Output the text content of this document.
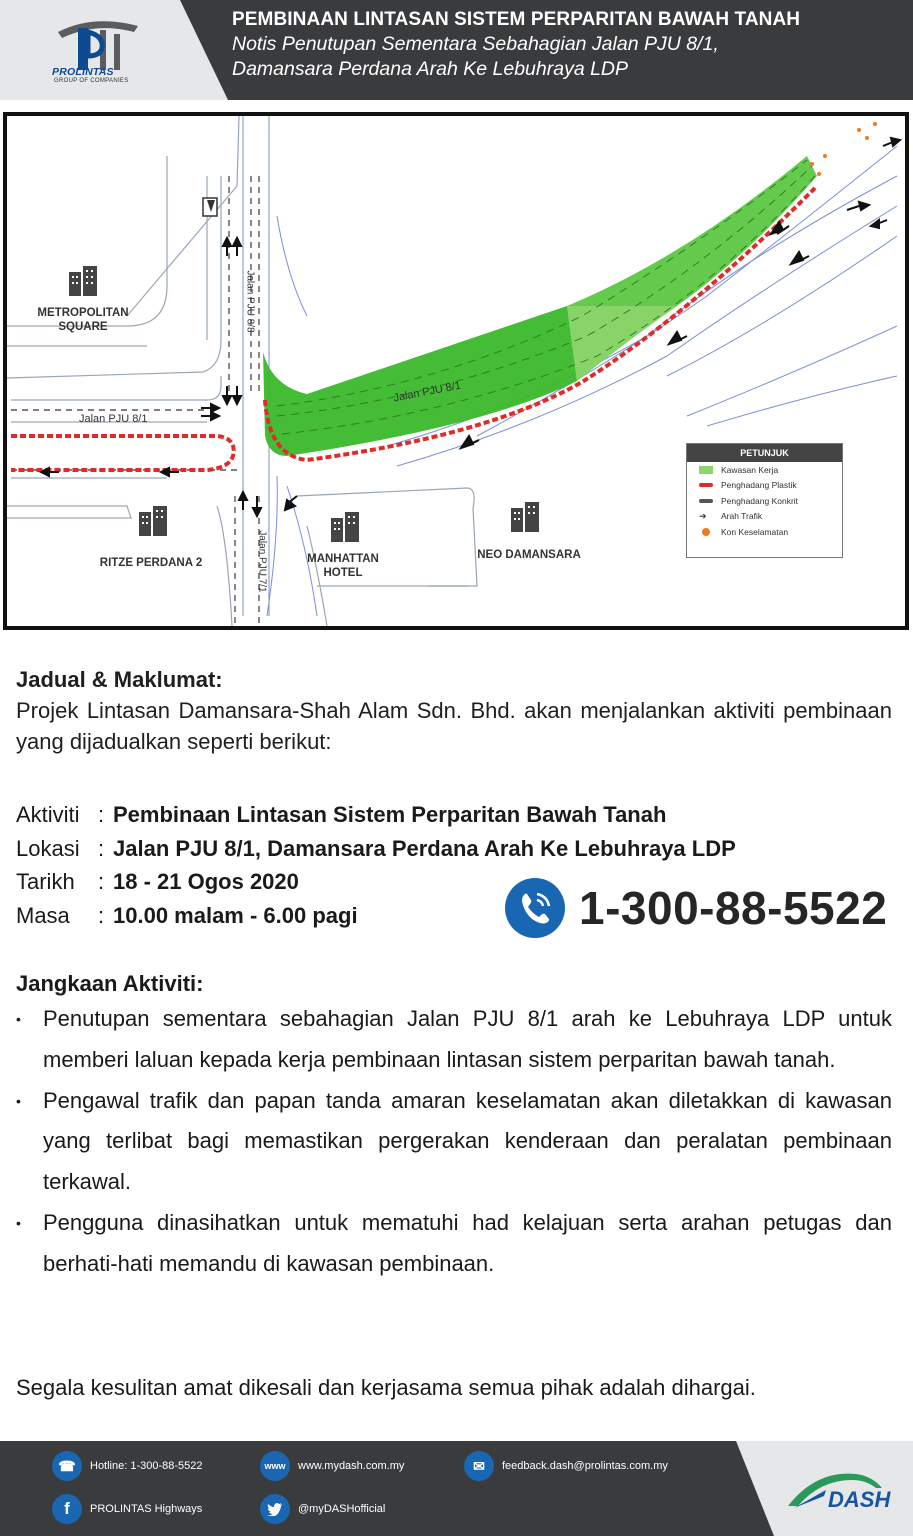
PROLINTAS
GROUP OF COMPANIES
PEMBINAAN LINTASAN SISTEM PERPARITAN BAWAH TANAH
Notis Penutupan Sementara Sebahagian Jalan PJU 8/1,
Damansara Perdana Arah Ke Lebuhraya LDP
METROPOLITAN
SQUARE
RITZE PERDANA 2	MANHATTAN
HOTEL
NEO DAMANSARA
Jalan PJU 8/1
Jalan PJU 8/1
Jalan PJU 8/8
Jalan PJU 7/1
PETUNJUK
Kawasan Kerja
Penghadang Plastik
Penghadang Konkrit
➔	Arah Trafik
Kon Keselamatan
Jadual & Maklumat:
Projek Lintasan Damansara-Shah Alam Sdn. Bhd. akan menjalankan aktiviti pembinaan yang dijadualkan seperti berikut:
Aktiviti : Pembinaan Lintasan Sistem Perparitan Bawah Tanah
Lokasi : Jalan PJU 8/1, Damansara Perdana Arah Ke Lebuhraya LDP
Tarikh	: 18 - 21 Ogos 2020
Masa	: 10.00 malam - 6.00 pagi	1-300-88-5522
Jangkaan Aktiviti:
• Penutupan sementara sebahagian Jalan PJU 8/1 arah ke Lebuhraya LDP untuk memberi laluan kepada kerja pembinaan lintasan sistem perparitan bawah tanah.
• Pengawal trafik dan papan tanda amaran keselamatan akan diletakkan di kawasan yang terlibat bagi memastikan pergerakan kenderaan dan peralatan pembinaan terkawal.
• Pengguna dinasihatkan untuk mematuhi had kelajuan serta arahan petugas dan berhati-hati memandu di kawasan pembinaan.
Segala kesulitan amat dikesali dan kerjasama semua pihak adalah dihargai.
☎	Hotline: 1-300-88-5522	www	www.mydash.com.my	✉	feedback.dash@prolintas.com.my
f	PROLINTAS Highways	@myDASHofficial	DASH
